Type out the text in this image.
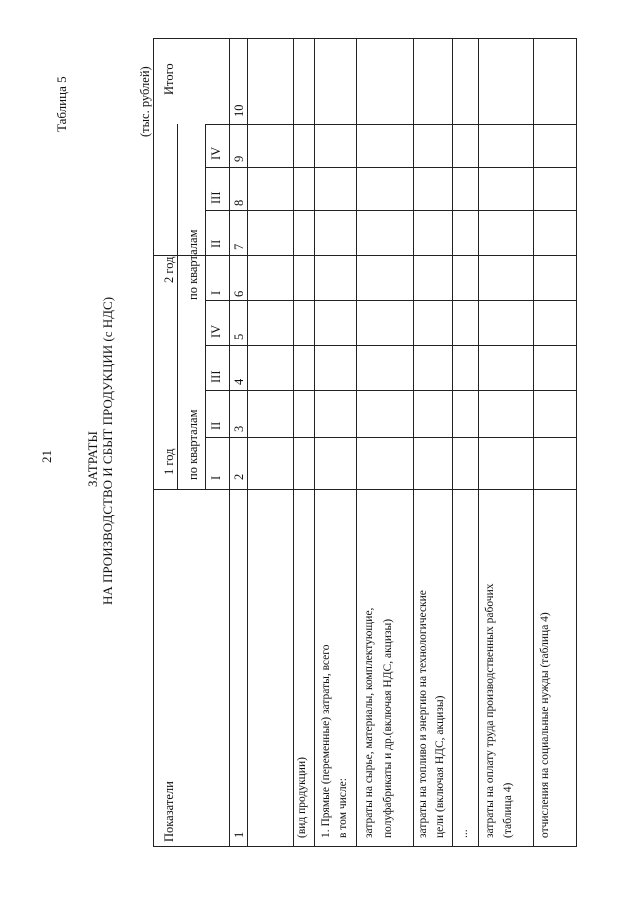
Таблица 5
21 ЗАТРАТЫ НА ПРОИЗВОДСТВО И СБЫТ ПРОДУКЦИИ (с НДС)
(тыс. рублей) Итого
2 год
1 год
по кварталам
по кварталам
Показатели
IV
III
II
I
IV
III
II
I
10
9
8
7
6
5
4
3
2
1	(вид продукции) 1. Прямые (переменные) затраты, всего в том числе: затраты на сырье, материалы, комплектующие, полуфабрикаты и др.(включая НДС, акцизы) затраты на топливо и энергию на технологические цели (включая НДС, акцизы) ... затраты на оплату труда производственных рабочих (таблица 4) отчисления на социальные нужды (таблица 4)
